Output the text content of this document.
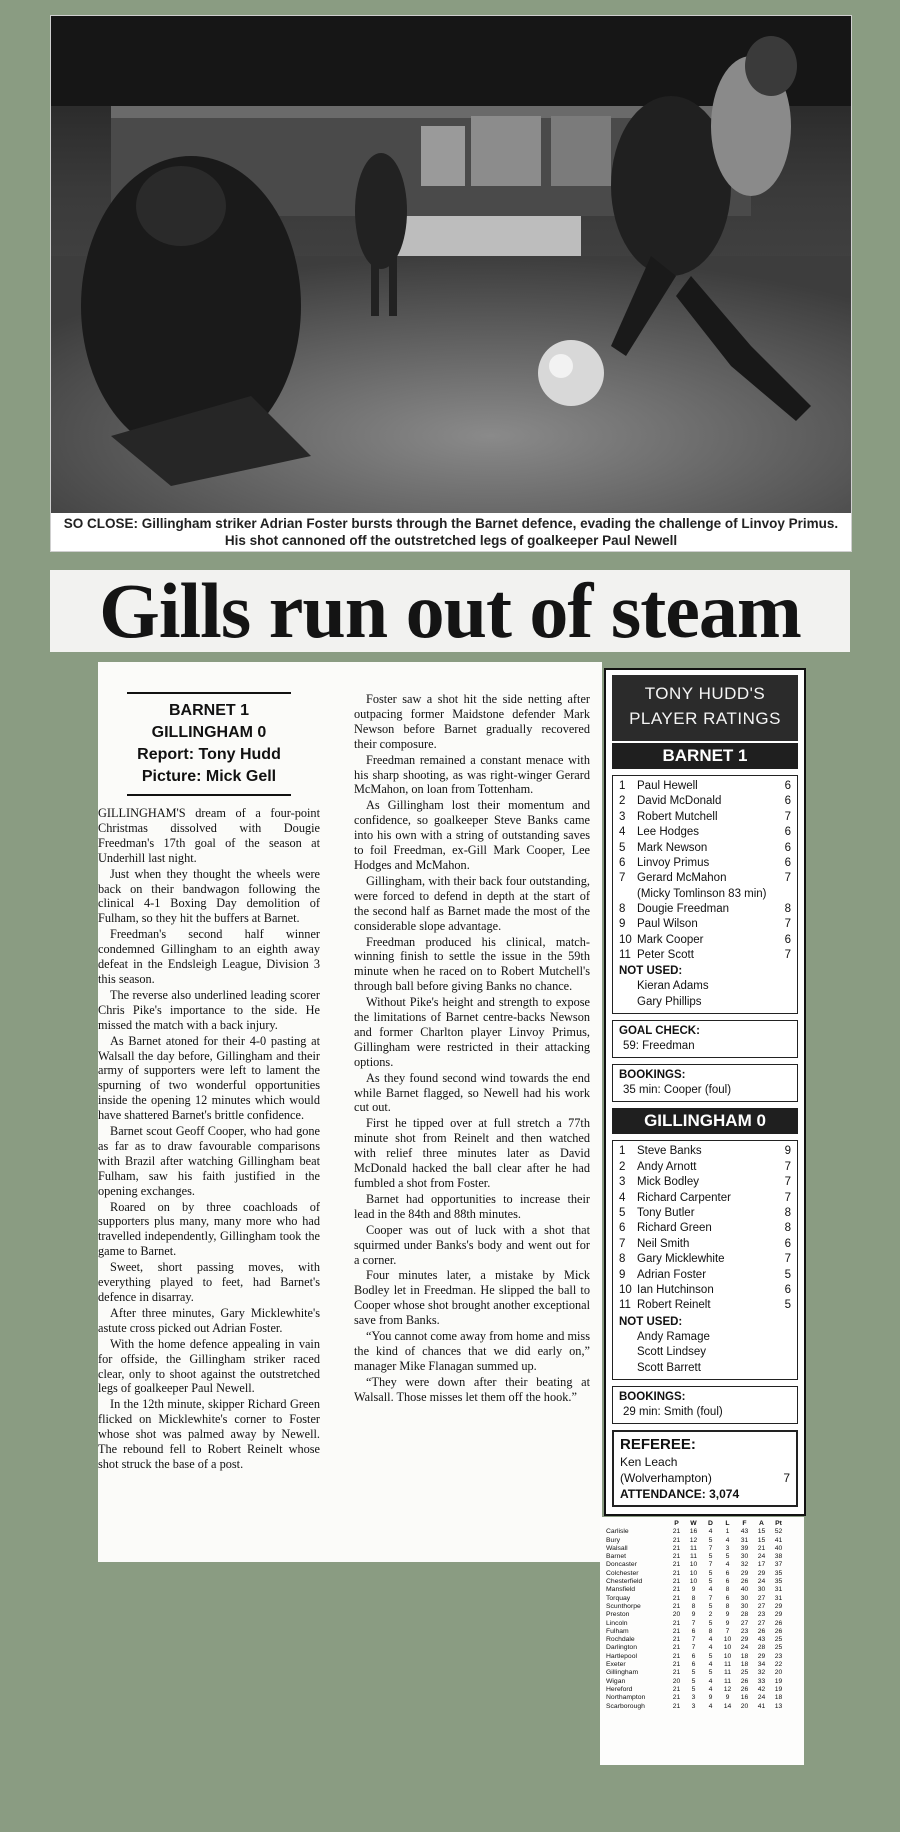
SO CLOSE: Gillingham striker Adrian Foster bursts through the Barnet defence, evading the challenge of Linvoy Primus. His shot cannoned off the outstretched legs of goalkeeper Paul Newell
Gills run out of steam
BARNET 1
GILLINGHAM 0
Report: Tony Hudd
Picture: Mick Gell

GILLINGHAM'S dream of a four-point Christmas dissolved with Dougie Freedman's 17th goal of the season at Underhill last night.

Just when they thought the wheels were back on their bandwagon following the clinical 4-1 Boxing Day demolition of Fulham, so they hit the buffers at Barnet.

Freedman's second half winner condemned Gillingham to an eighth away defeat in the Endsleigh League, Division 3 this season.

The reverse also underlined leading scorer Chris Pike's importance to the side. He missed the match with a back injury.

As Barnet atoned for their 4-0 pasting at Walsall the day before, Gillingham and their army of supporters were left to lament the spurning of two wonderful opportunities inside the opening 12 minutes which would have shattered Barnet's brittle confidence.

Barnet scout Geoff Cooper, who had gone as far as to draw favourable comparisons with Brazil after watching Gillingham beat Fulham, saw his faith justified in the opening exchanges.

Roared on by three coachloads of supporters plus many, many more who had travelled independently, Gillingham took the game to Barnet.

Sweet, short passing moves, with everything played to feet, had Barnet's defence in disarray.

After three minutes, Gary Micklewhite's astute cross picked out Adrian Foster.

With the home defence appealing in vain for offside, the Gillingham striker raced clear, only to shoot against the outstretched legs of goalkeeper Paul Newell.

In the 12th minute, skipper Richard Green flicked on Micklewhite's corner to Foster whose shot was palmed away by Newell. The rebound fell to Robert Reinelt whose shot struck the base of a post.

Foster saw a shot hit the side netting after outpacing former Maidstone defender Mark Newson before Barnet gradually recovered their composure.

Freedman remained a constant menace with his sharp shooting, as was right-winger Gerard McMahon, on loan from Tottenham.

As Gillingham lost their momentum and confidence, so goalkeeper Steve Banks came into his own with a string of outstanding saves to foil Freedman, ex-Gill Mark Cooper, Lee Hodges and McMahon.

Gillingham, with their back four outstanding, were forced to defend in depth at the start of the second half as Barnet made the most of the considerable slope advantage.

Freedman produced his clinical, match-winning finish to settle the issue in the 59th minute when he raced on to Robert Mutchell's through ball before giving Banks no chance.

Without Pike's height and strength to expose the limitations of Barnet centre-backs Newson and former Charlton player Linvoy Primus, Gillingham were restricted in their attacking options.

As they found second wind towards the end while Barnet flagged, so Newell had his work cut out.

First he tipped over at full stretch a 77th minute shot from Reinelt and then watched with relief three minutes later as David McDonald hacked the ball clear after he had fumbled a shot from Foster.

Barnet had opportunities to increase their lead in the 84th and 88th minutes.

Cooper was out of luck with a shot that squirmed under Banks's body and went out for a corner.

Four minutes later, a mistake by Mick Bodley let in Freedman. He slipped the ball to Cooper whose shot brought another exceptional save from Banks.

“You cannot come away from home and miss the kind of chances that we did early on,” manager Mike Flanagan summed up.

“They were down after their beating at Walsall. Those misses let them off the hook.”

TONY HUDD'S
PLAYER RATINGS
BARNET 1
1	Paul Hewell	6
2	David McDonald	6
3	Robert Mutchell	7
4	Lee Hodges	6
5	Mark Newson	6
6	Linvoy Primus	6
7	Gerard McMahon	7
(Micky Tomlinson 83 min)
8	Dougie Freedman	8
9	Paul Wilson	7
10 Mark Cooper	6
11 Peter Scott	7
NOT USED:
Kieran Adams
Gary Phillips
GOAL CHECK:
59: Freedman
BOOKINGS:
35 min: Cooper (foul)
GILLINGHAM 0
1	Steve Banks	9
2	Andy Arnott	7
3	Mick Bodley	7
4	Richard Carpenter	7
5	Tony Butler	8
6	Richard Green	8
7	Neil Smith	6
8	Gary Micklewhite	7
9	Adrian Foster	5
10 Ian Hutchinson	6
11 Robert Reinelt	5
NOT USED:
Andy Ramage
Scott Lindsey
Scott Barrett
BOOKINGS:
29 min: Smith (foul)
REFEREE:
Ken Leach
(Wolverhampton)	7
ATTENDANCE: 3,074
P	W	D	L	F	A	Pt
Carlisle	21	16	4	1	43	15	52
Bury	21	12	5	4	31	15	41
Walsall	21	11	7	3	39	21	40
Barnet	21	11	5	5	30	24	38
Doncaster	21	10	7	4	32	17	37
Colchester	21	10	5	6	29	29	35
Chesterfield	21	10	5	6	26	24	35
Mansfield	21	9	4	8	40	30	31
Torquay	21	8	7	6	30	27	31
Scunthorpe	21	8	5	8	30	27	29
Preston	20	9	2	9	28	23	29
Lincoln	21	7	5	9	27	27	26
Fulham	21	6	8	7	23	26	26
Rochdale	21	7	4	10	29	43	25
Darlington	21	7	4	10	24	28	25
Hartlepool	21	6	5	10	18	29	23
Exeter	21	6	4	11	18	34	22
Gillingham	21	5	5	11	25	32	20
Wigan	20	5	4	11	26	33	19
Hereford	21	5	4	12	26	42	19
Northampton	21	3	9	9	16	24	18
Scarborough	21	3	4	14	20	41	13
